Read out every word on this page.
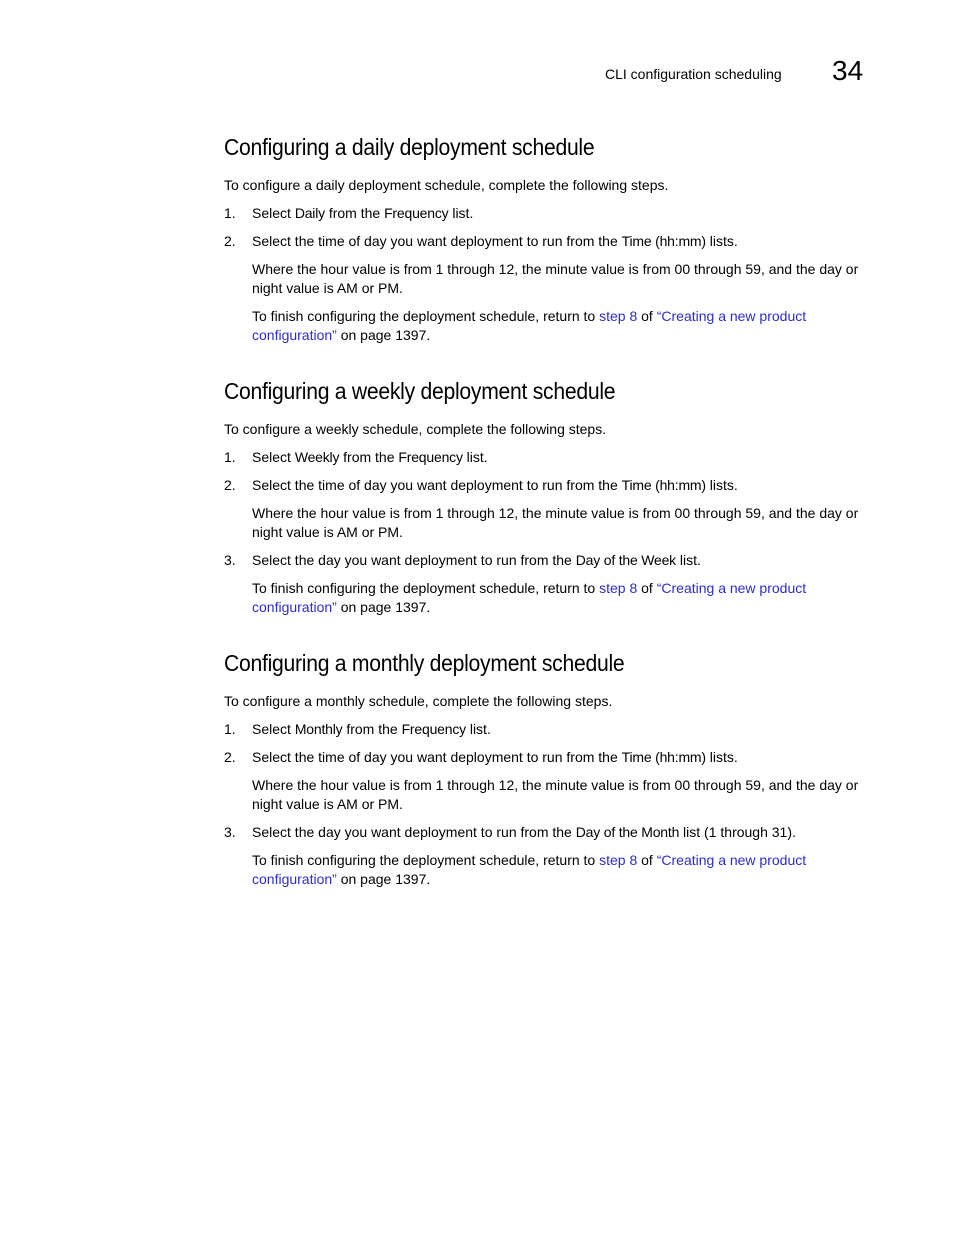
CLI configuration scheduling 34
Configuring a daily deployment schedule

To configure a daily deployment schedule, complete the following steps.

1. Select Daily from the Frequency list.
2. Select the time of day you want deployment to run from the Time (hh:mm) lists.
Where the hour value is from 1 through 12, the minute value is from 00 through 59, and the day or night value is AM or PM.
To finish configuring the deployment schedule, return to step 8 of “Creating a new product configuration” on page 1397.
Configuring a weekly deployment schedule

To configure a weekly schedule, complete the following steps.

1. Select Weekly from the Frequency list.
2. Select the time of day you want deployment to run from the Time (hh:mm) lists.
Where the hour value is from 1 through 12, the minute value is from 00 through 59, and the day or night value is AM or PM.
3. Select the day you want deployment to run from the Day of the Week list.
To finish configuring the deployment schedule, return to step 8 of “Creating a new product configuration” on page 1397.
Configuring a monthly deployment schedule

To configure a monthly schedule, complete the following steps.

1. Select Monthly from the Frequency list.
2. Select the time of day you want deployment to run from the Time (hh:mm) lists.
Where the hour value is from 1 through 12, the minute value is from 00 through 59, and the day or night value is AM or PM.
3. Select the day you want deployment to run from the Day of the Month list (1 through 31).
To finish configuring the deployment schedule, return to step 8 of “Creating a new product configuration” on page 1397.
